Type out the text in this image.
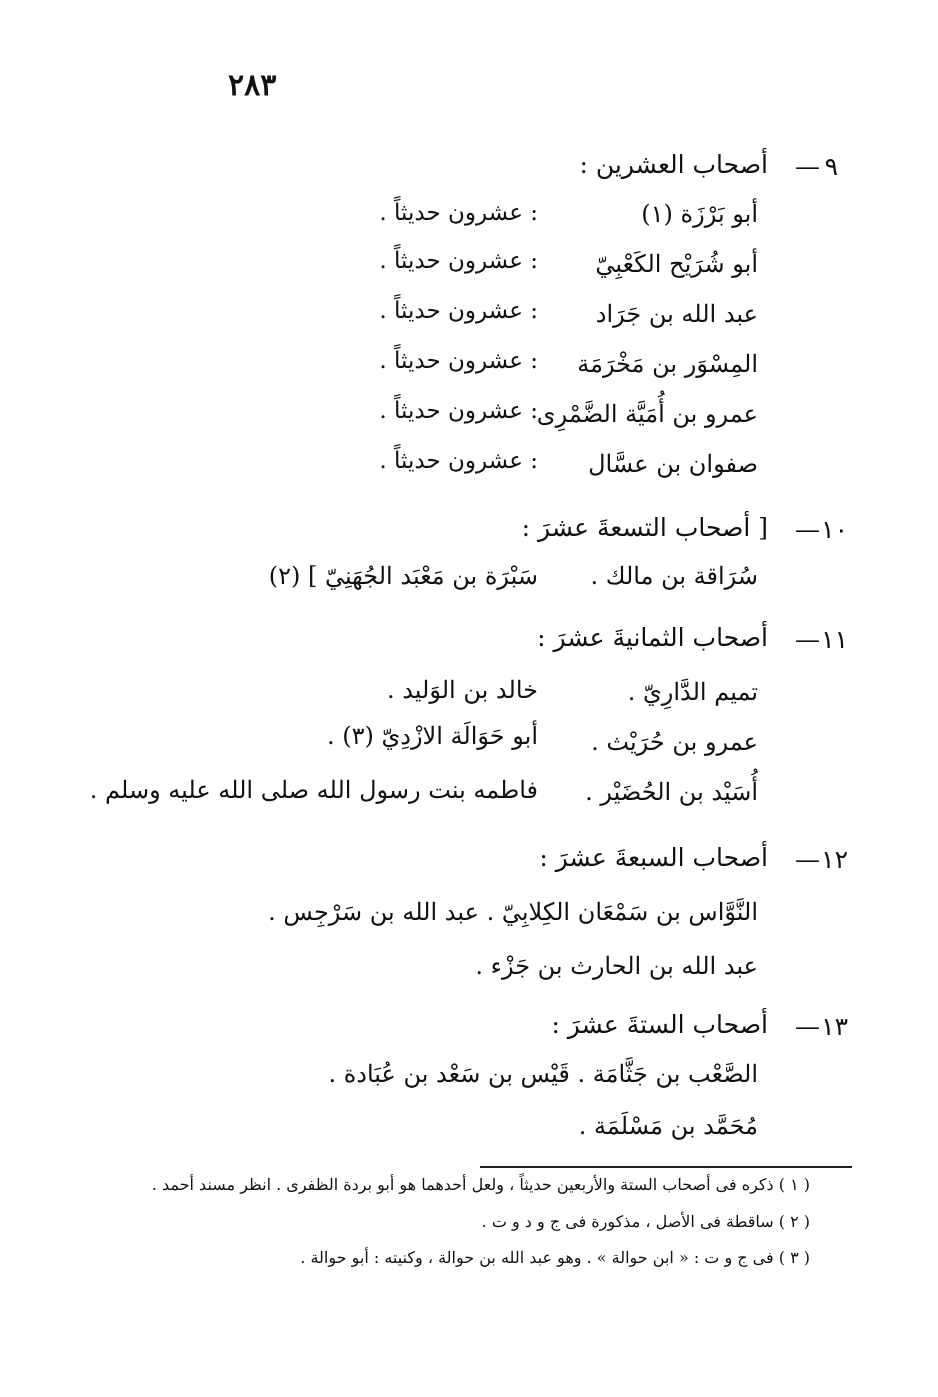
٢٨٣
٩
—
أصحاب العشرين :
أبو بَرْزَة (١)
: عشرون حديثاً .
أبو شُرَيْح الكَعْبِيّ
: عشرون حديثاً .
عبد الله بن جَرَاد
: عشرون حديثاً .
المِسْوَر بن مَخْرَمَة
: عشرون حديثاً .
عمرو بن أُمَيَّة الضَّمْرِى
: عشرون حديثاً .
صفوان بن عسَّال
: عشرون حديثاً .
١٠
—
[ أصحاب التسعةَ عشرَ :
سُرَاقة بن مالك .
سَبْرَة بن مَعْبَد الجُهَنِيّ ] (٢)
١١
—
أصحاب الثمانيةَ عشرَ :
تميم الدَّارِيّ .
خالد بن الوَليد .
عمرو بن حُرَيْث .
أبو حَوَالَة الازْدِيّ (٣) .
أُسَيْد بن الحُضَيْر .
فاطمه بنت رسول الله صلى الله عليه وسلم .
١٢
—
أصحاب السبعةَ عشرَ :
النَّوَّاس بن سَمْعَان الكِلابِيّ . عبد الله بن سَرْجِس .
عبد الله بن الحارث بن جَزْء .
١٣
—
أصحاب الستةَ عشرَ :
الصَّعْب بن جَثَّامَة . قَيْس بن سَعْد بن عُبَادة .
مُحَمَّد بن مَسْلَمَة .
( ١ ) ذكره فى أصحاب الستة والأربعين حديثاً ، ولعل أحدهما هو أبو بردة الظفرى . انظر مسند أحمد .
( ٢ ) ساقطة فى الأصل ، مذكورة فى ج و د و ت .
( ٣ ) فى ج و ت : « ابن حوالة » . وهو عبد الله بن حوالة ، وكنيته : أبو حوالة .
